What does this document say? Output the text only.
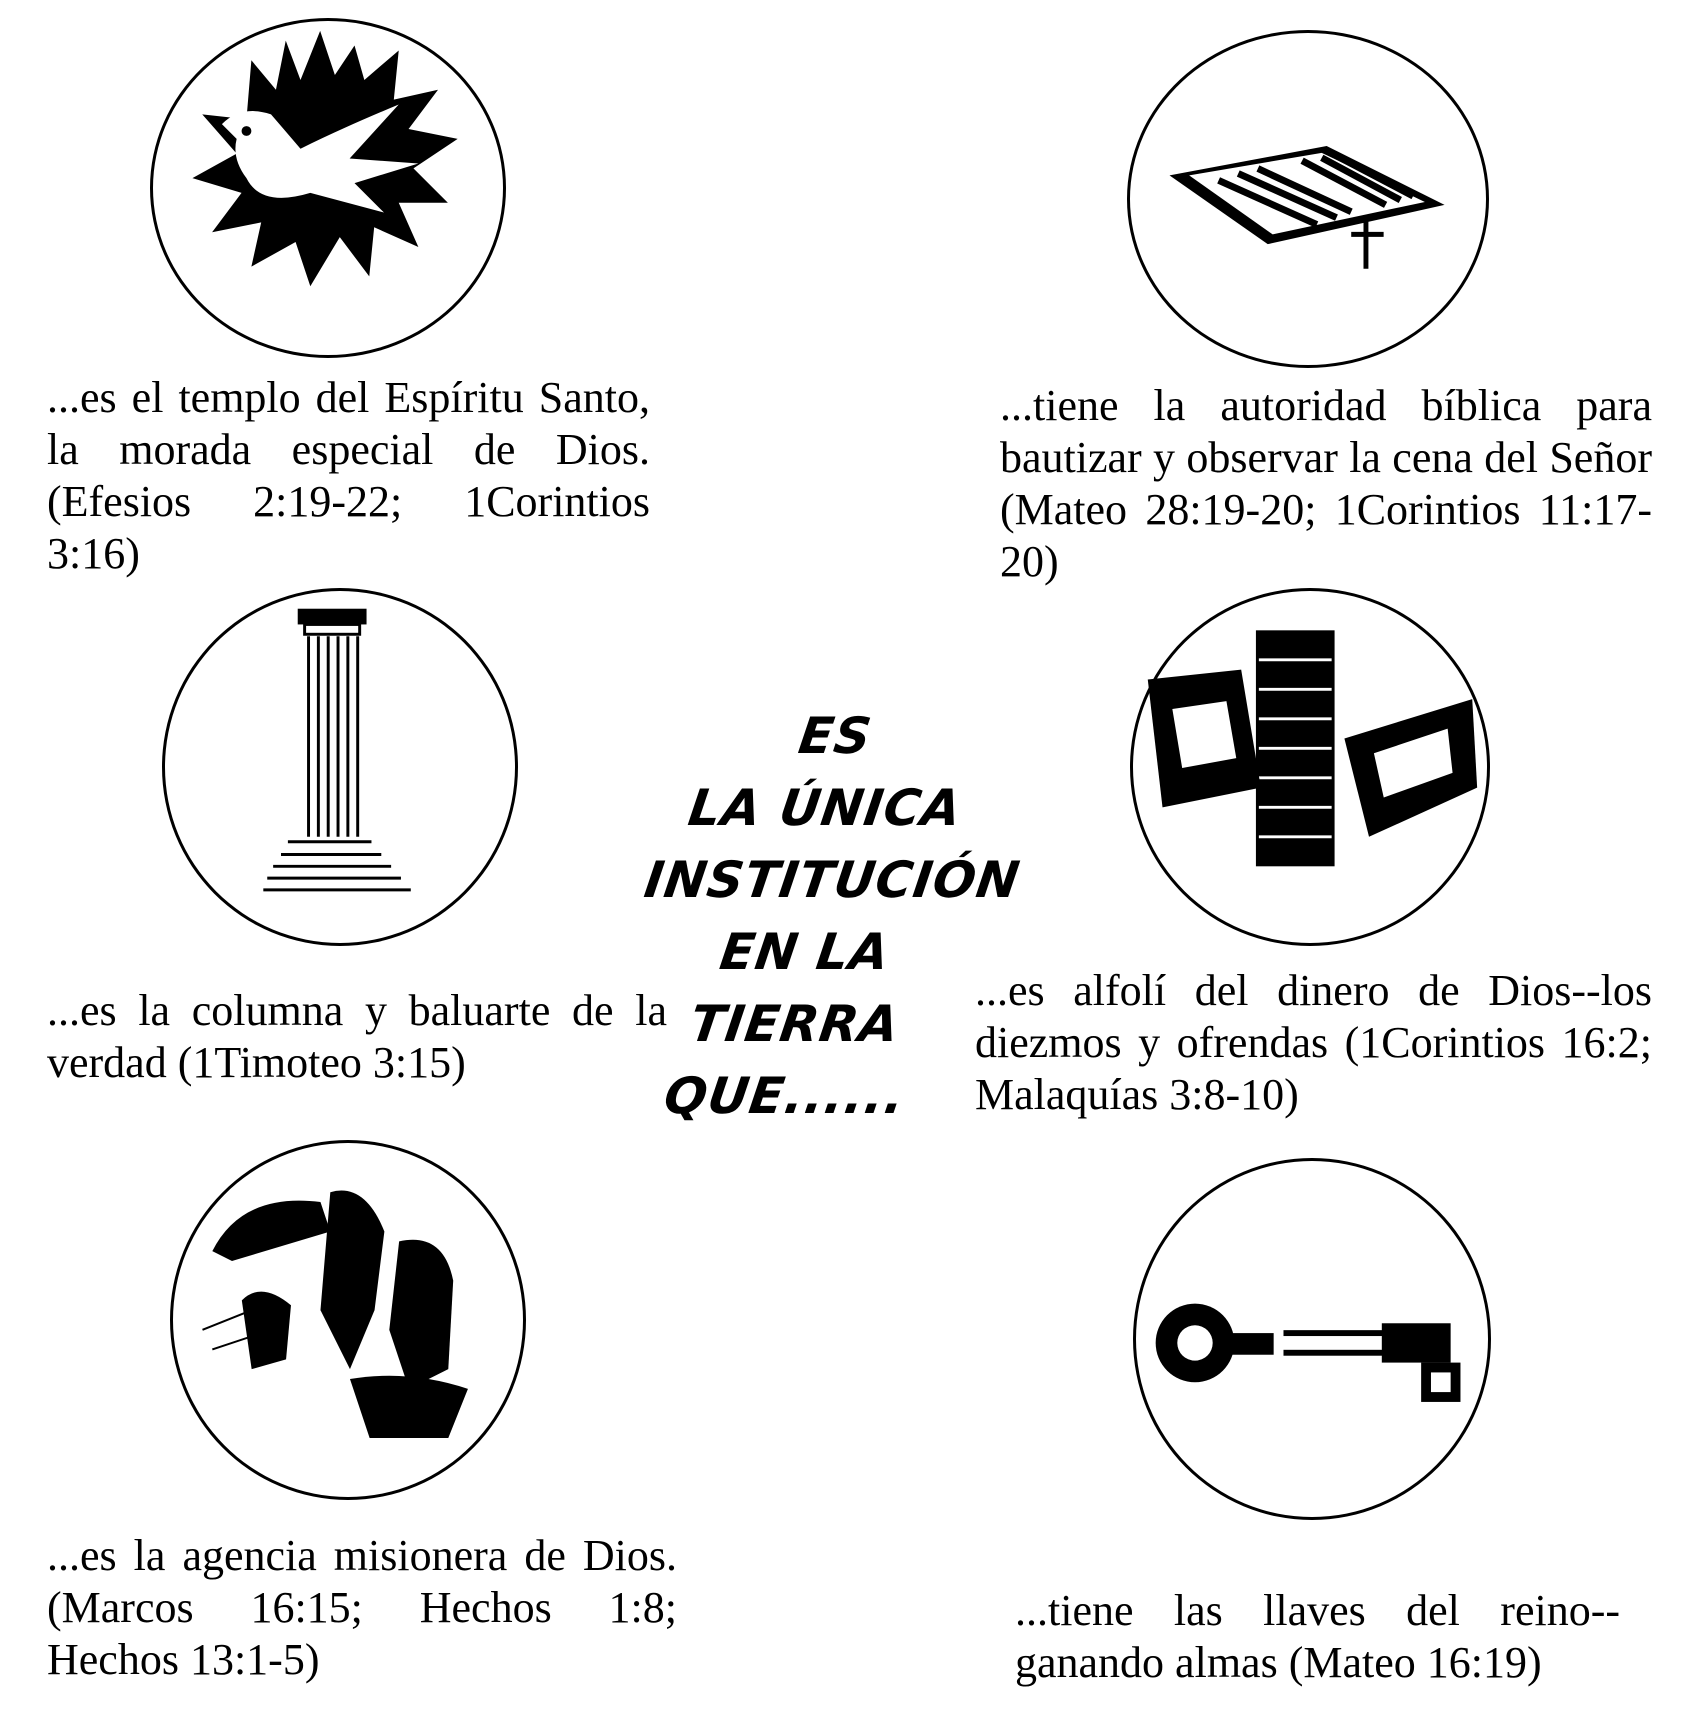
...es el templo del Espíritu Santo, la morada especial de Dios. (Efesios 2:19-22; 1Corintios 3:16)
...tiene la autoridad bíblica para bautizar y observar la cena del Señor (Mateo 28:19-20; 1Corintios 11:17-20)
...es la columna y baluarte de la verdad (1Timoteo 3:15)
...es alfolí del dinero de Dios--los diezmos y ofrendas (1Corintios 16:2; Malaquías 3:8-10)
...es la agencia misionera de Dios. (Marcos 16:15; Hechos 1:8; Hechos 13:1-5)
...tiene las llaves del reino--ganando almas (Mateo 16:19)
ES
LA ÚNICA
INSTITUCIÓN
EN LA
TIERRA
QUE......
